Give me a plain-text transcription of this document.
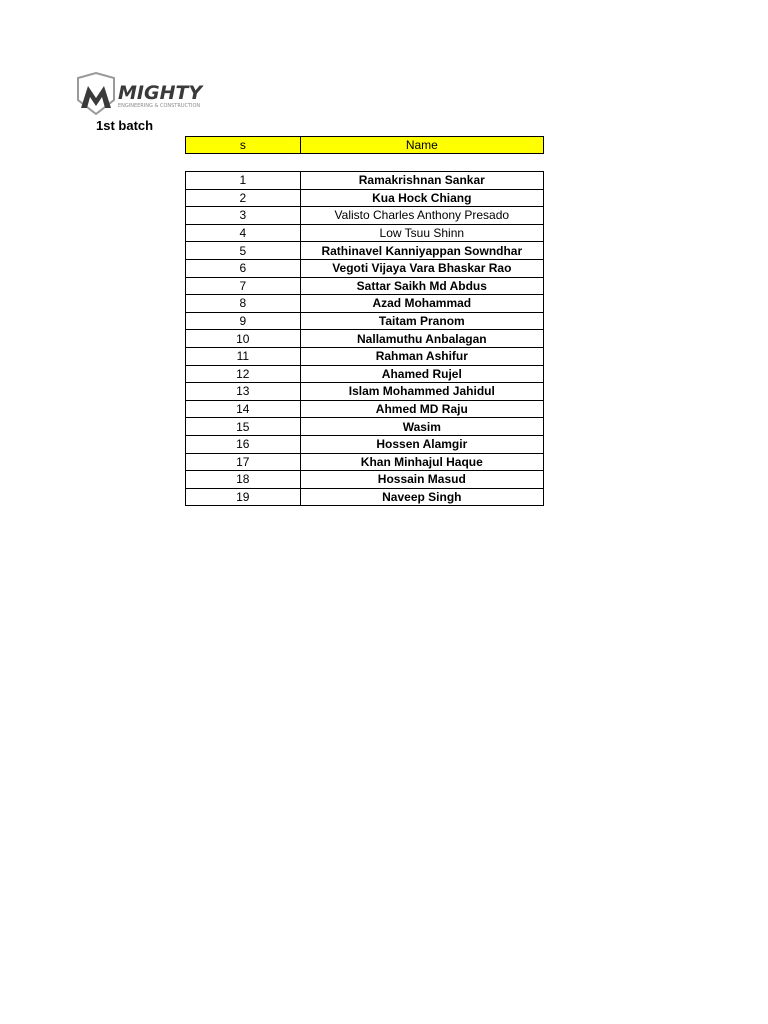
MIGHTY
ENGINEERING & CONSTRUCTION
1st batch
s	Name
1	Ramakrishnan Sankar
2	Kua Hock Chiang
3	Valisto Charles Anthony Presado
4	Low Tsuu Shinn
5	Rathinavel Kanniyappan Sowndhar
6	Vegoti Vijaya Vara Bhaskar Rao
7	Sattar Saikh Md Abdus
8	Azad Mohammad
9	Taitam Pranom
10	Nallamuthu Anbalagan
11	Rahman Ashifur
12	Ahamed Rujel
13	Islam Mohammed Jahidul
14	Ahmed MD Raju
15	Wasim
16	Hossen Alamgir
17	Khan Minhajul Haque
18	Hossain Masud
19	Naveep Singh
